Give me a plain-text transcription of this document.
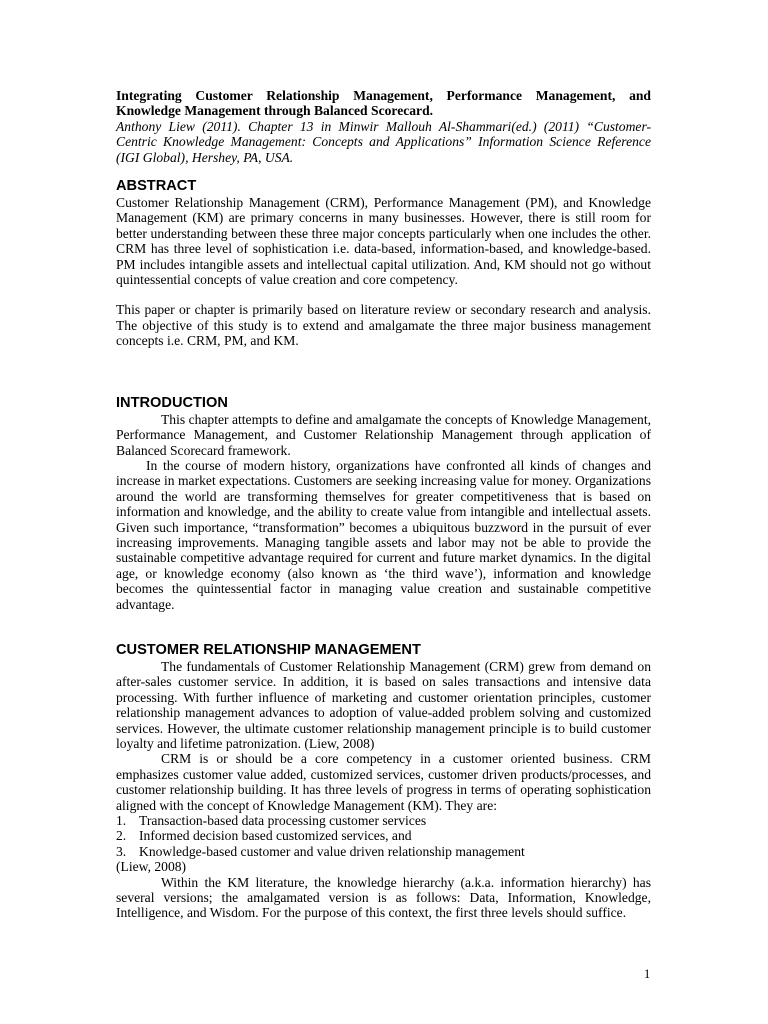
Integrating Customer Relationship Management, Performance Management, and Knowledge Management through Balanced Scorecard.

Anthony Liew (2011). Chapter 13 in Minwir Mallouh Al-Shammari(ed.) (2011) “Customer-Centric Knowledge Management: Concepts and Applications” Information Science Reference (IGI Global), Hershey, PA, USA.

ABSTRACT

Customer Relationship Management (CRM), Performance Management (PM), and Knowledge Management (KM) are primary concerns in many businesses. However, there is still room for better understanding between these three major concepts particularly when one includes the other. CRM has three level of sophistication i.e. data-based, information-based, and knowledge-based. PM includes intangible assets and intellectual capital utilization. And, KM should not go without quintessential concepts of value creation and core competency.

This paper or chapter is primarily based on literature review or secondary research and analysis. The objective of this study is to extend and amalgamate the three major business management concepts i.e. CRM, PM, and KM.

INTRODUCTION

This chapter attempts to define and amalgamate the concepts of Knowledge Management, Performance Management, and Customer Relationship Management through application of Balanced Scorecard framework.

In the course of modern history, organizations have confronted all kinds of changes and increase in market expectations. Customers are seeking increasing value for money. Organizations around the world are transforming themselves for greater competitiveness that is based on information and knowledge, and the ability to create value from intangible and intellectual assets. Given such importance, “transformation” becomes a ubiquitous buzzword in the pursuit of ever increasing improvements. Managing tangible assets and labor may not be able to provide the sustainable competitive advantage required for current and future market dynamics. In the digital age, or knowledge economy (also known as ‘the third wave’), information and knowledge becomes the quintessential factor in managing value creation and sustainable competitive advantage.

CUSTOMER RELATIONSHIP MANAGEMENT

The fundamentals of Customer Relationship Management (CRM) grew from demand on after-sales customer service. In addition, it is based on sales transactions and intensive data processing. With further influence of marketing and customer orientation principles, customer relationship management advances to adoption of value-added problem solving and customized services. However, the ultimate customer relationship management principle is to build customer loyalty and lifetime patronization. (Liew, 2008)

CRM is or should be a core competency in a customer oriented business. CRM emphasizes customer value added, customized services, customer driven products/processes, and customer relationship building. It has three levels of progress in terms of operating sophistication aligned with the concept of Knowledge Management (KM). They are:

1. Transaction-based data processing customer services
2. Informed decision based customized services, and
3. Knowledge-based customer and value driven relationship management

(Liew, 2008)

Within the KM literature, the knowledge hierarchy (a.k.a. information hierarchy) has several versions; the amalgamated version is as follows: Data, Information, Knowledge, Intelligence, and Wisdom. For the purpose of this context, the first three levels should suffice.

1
